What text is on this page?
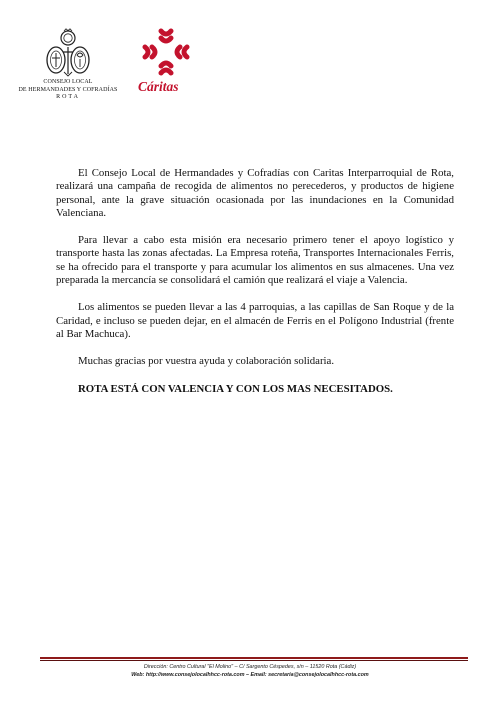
CONSEJO LOCAL
DE HERMANDADES Y COFRADÍAS
ROTA
Cáritas

El Consejo Local de Hermandades y Cofradías con Caritas Interparroquial de Rota, realizará una campaña de recogida de alimentos no perecederos, y productos de higiene personal, ante la grave situación ocasionada por las inundaciones en la Comunidad Valenciana.

Para llevar a cabo esta misión era necesario primero tener el apoyo logístico y transporte hasta las zonas afectadas. La Empresa roteña, Transportes Internacionales Ferris, se ha ofrecido para el transporte y para acumular los alimentos en sus almacenes. Una vez preparada la mercancía se consolidará el camión que realizará el viaje a Valencia.

Los alimentos se pueden llevar a las 4 parroquias, a las capillas de San Roque y de la Caridad, e incluso se pueden dejar, en el almacén de Ferris en el Polígono Industrial (frente al Bar Machuca).

Muchas gracias por vuestra ayuda y colaboración solidaria.

ROTA ESTÁ CON VALENCIA Y CON LOS MAS NECESITADOS.

Dirección: Centro Cultural "El Molino" – C/ Sargento Céspedes, s/n – 11520 Rota (Cádiz)
Web: http://www.consejolocalhhcc-rota.com – Email: secretaria@consejolocalhhcc-rota.com
